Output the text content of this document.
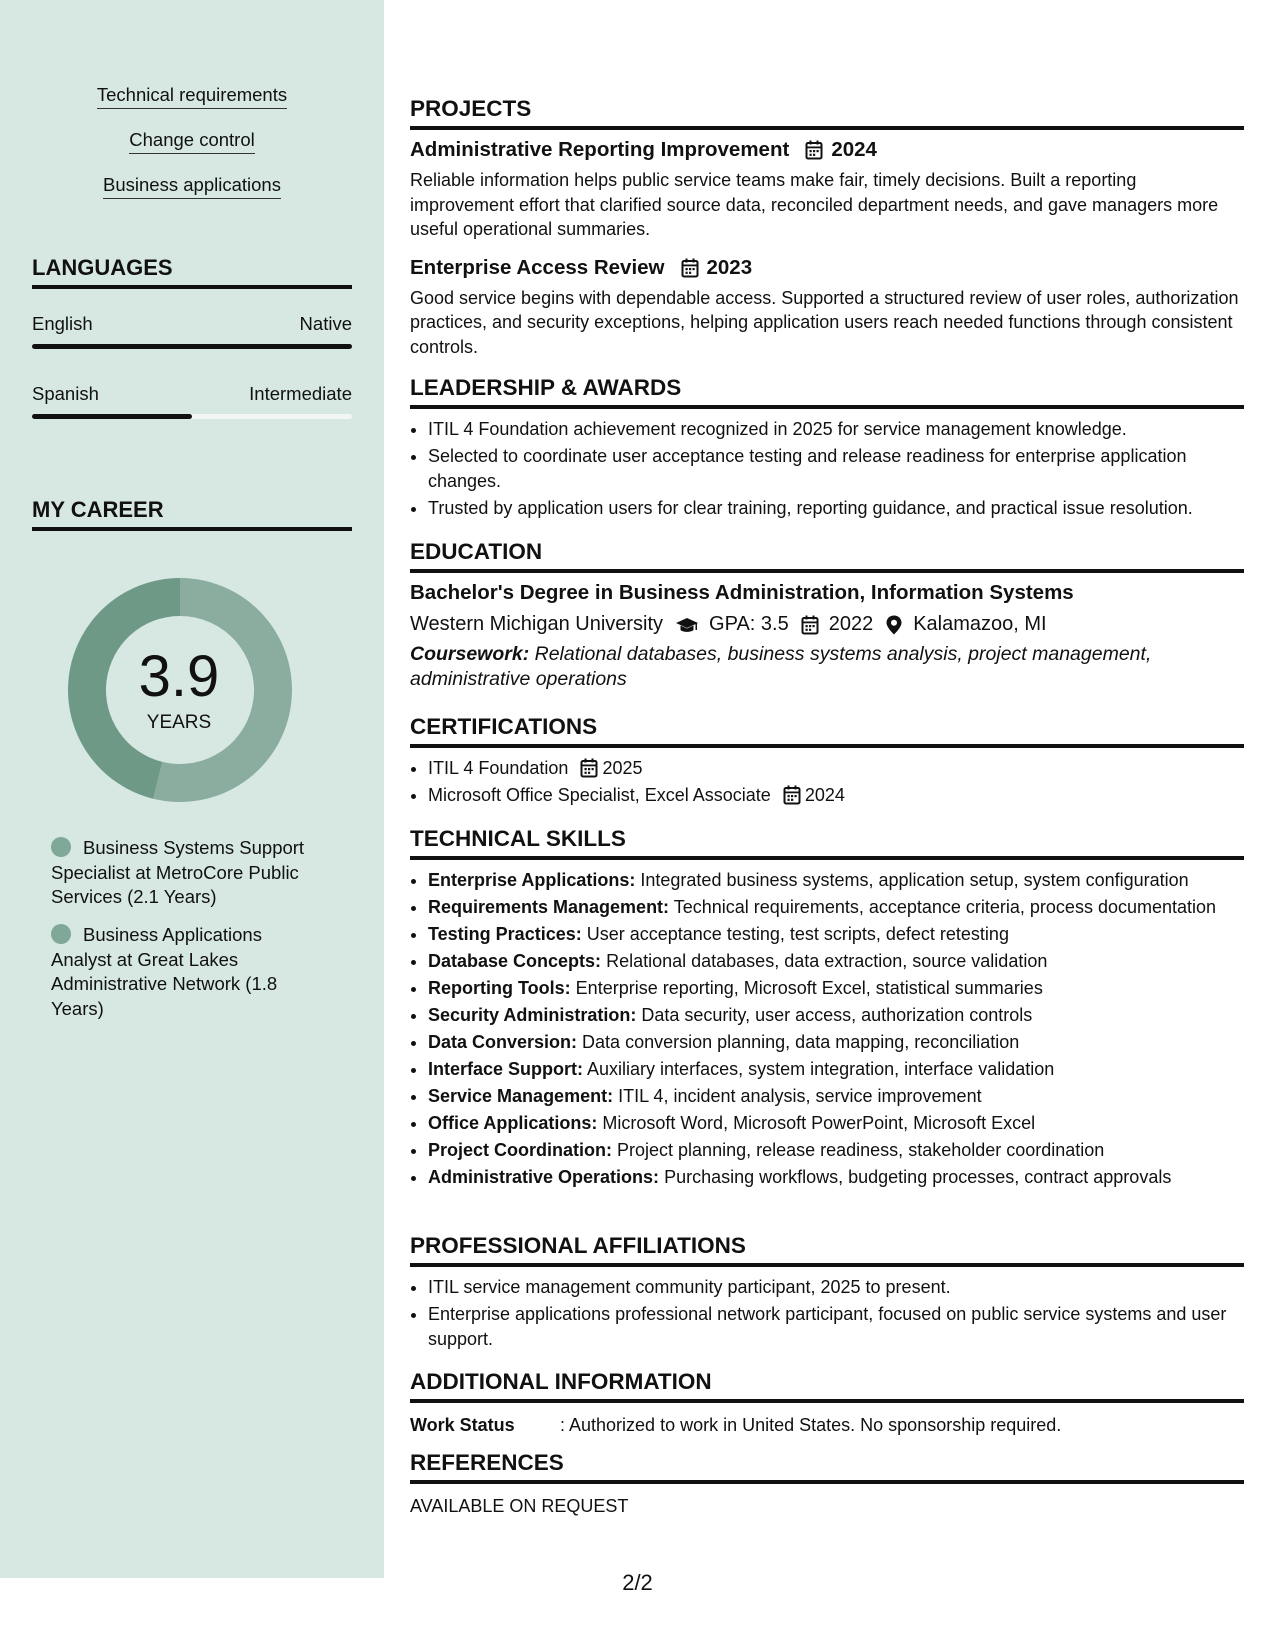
Technical requirements
Change control
Business applications
LANGUAGES
English	Native
Spanish	Intermediate
MY CAREER
3.9
YEARS
Business Systems Support Specialist at MetroCore Public Services (2.1 Years)
Business Applications Analyst at Great Lakes Administrative Network (1.8 Years)
PROJECTS
Administrative Reporting Improvement 2024

Reliable information helps public service teams make fair, timely decisions. Built a reporting improvement effort that clarified source data, reconciled department needs, and gave managers more useful operational summaries.

Enterprise Access Review 2023

Good service begins with dependable access. Supported a structured review of user roles, authorization practices, and security exceptions, helping application users reach needed functions through consistent controls.

LEADERSHIP & AWARDS
• ITIL 4 Foundation achievement recognized in 2025 for service management knowledge.
• Selected to coordinate user acceptance testing and release readiness for enterprise application changes.
• Trusted by application users for clear training, reporting guidance, and practical issue resolution.
EDUCATION
Bachelor's Degree in Business Administration, Information Systems
Western Michigan University GPA: 3.5 2022 Kalamazoo, MI
Coursework: Relational databases, business systems analysis, project management, administrative operations
CERTIFICATIONS
• ITIL 4 Foundation 2025
• Microsoft Office Specialist, Excel Associate 2024
TECHNICAL SKILLS
• Enterprise Applications: Integrated business systems, application setup, system configuration
• Requirements Management: Technical requirements, acceptance criteria, process documentation
• Testing Practices: User acceptance testing, test scripts, defect retesting
• Database Concepts: Relational databases, data extraction, source validation
• Reporting Tools: Enterprise reporting, Microsoft Excel, statistical summaries
• Security Administration: Data security, user access, authorization controls
• Data Conversion: Data conversion planning, data mapping, reconciliation
• Interface Support: Auxiliary interfaces, system integration, interface validation
• Service Management: ITIL 4, incident analysis, service improvement
• Office Applications: Microsoft Word, Microsoft PowerPoint, Microsoft Excel
• Project Coordination: Project planning, release readiness, stakeholder coordination
• Administrative Operations: Purchasing workflows, budgeting processes, contract approvals
PROFESSIONAL AFFILIATIONS
• ITIL service management community participant, 2025 to present.
• Enterprise applications professional network participant, focused on public service systems and user support.
ADDITIONAL INFORMATION
Work Status	: Authorized to work in United States. No sponsorship required.
REFERENCES
AVAILABLE ON REQUEST
2/2
